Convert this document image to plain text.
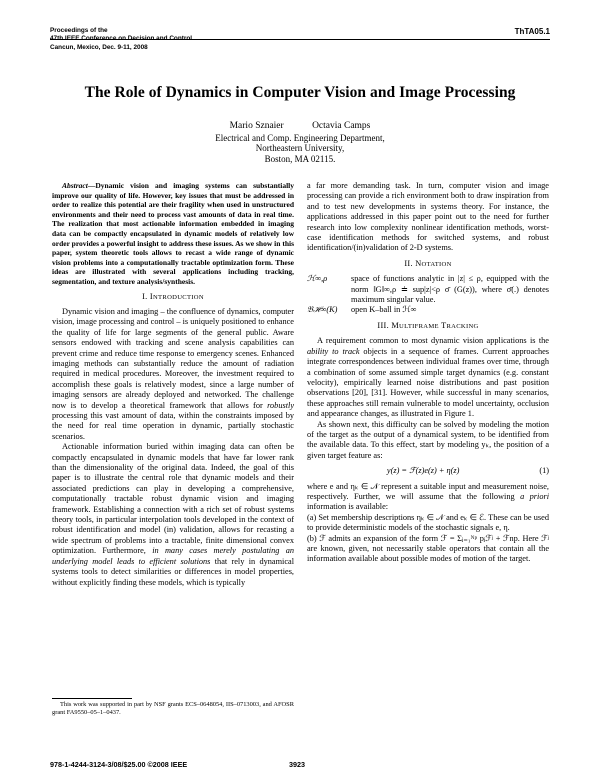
Proceedings of the
47th IEEE Conference on Decision and Control
Cancun, Mexico, Dec. 9-11, 2008
ThTA05.1
The Role of Dynamics in Computer Vision and Image Processing
Mario Sznaier	Octavia Camps
Electrical and Comp. Engineering Department,
Northeastern University,
Boston, MA 02115.

Abstract—Dynamic vision and imaging systems can substantially improve our quality of life. However, key issues that must be addressed in order to realize this potential are their fragility when used in unstructured environments and their need to process vast amounts of data in real time. The realization that most actionable information embedded in imaging data can be compactly encapsulated in dynamic models of relatively low order provides a powerful insight to address these issues. As we show in this paper, system theoretic tools allows to recast a wide range of dynamic vision problems into a computationally tractable optimization form. These ideas are illustrated with several applications including tracking, segmentation, and texture analysis/synthesis.

I. INTRODUCTION

Dynamic vision and imaging – the confluence of dynamics, computer vision, image processing and control – is uniquely positioned to enhance the quality of life for large segments of the general public. Aware sensors endowed with tracking and scene analysis capabilities can prevent crime and reduce time response to emergency scenes. Enhanced imaging methods can substantially reduce the amount of radiation required in medical procedures. Moreover, the investment required to accomplish these goals is relatively modest, since a large number of imaging sensors are already deployed and networked. The challenge now is to develop a theoretical framework that allows for robustly processing this vast amount of data, within the constraints imposed by the need for real time operation in dynamic, partially stochastic scenarios.

Actionable information buried within imaging data can often be compactly encapsulated in dynamic models that have far lower rank than the dimensionality of the original data. Indeed, the goal of this paper is to illustrate the central role that dynamic models and their associated predictions can play in developing a comprehensive, computationally tractable robust dynamic vision and imaging framework. Establishing a connection with a rich set of robust systems theory tools, in particular interpolation tools developed in the context of robust identification and model (in) validation, allows for recasting a wide spectrum of problems into a tractable, finite dimensional convex optimization. Furthermore, in many cases merely postulating an underlying model leads to efficient solutions that rely in dynamical systems tools to detect similarities or differences in model properties, without explicitly finding these models, which is typically

This work was supported in part by NSF grants ECS–0648054, IIS–0713003, and AFOSR grant FA9550–05–1–0437.

a far more demanding task. In turn, computer vision and image processing can provide a rich environment both to draw inspiration from and to test new developments in systems theory. For instance, the applications addressed in this paper point out to the need for further research into low complexity nonlinear identification methods, worst-case identification methods for switched systems, and robust identification/(in)validation of 2-D systems.

II. NOTATION
ℋ∞,ρ	space of functions analytic in |z| ≤ ρ, equipped with the norm ‖G‖∞,ρ ≐ sup|z|<ρ σ̄ (G(z)), where σ̄(.) denotes maximum singular value.
𝔅ℋ∞(K)	open K–ball in ℋ∞
III. MULTIFRAME TRACKING

A requirement common to most dynamic vision applications is the ability to track objects in a sequence of frames. Current approaches integrate correspondences between individual frames over time, through a combination of some assumed simple target dynamics (e.g. constant velocity), empirically learned noise distributions and past position observations [20], [31]. However, while successful in many scenarios, these approaches still remain vulnerable to model uncertainty, occlusion and appearance changes, as illustrated in Figure 1.

As shown next, this difficulty can be solved by modeling the motion of the target as the output of a dynamical system, to be identified from the available data. To this effect, start by modeling yₖ, the position of a given target feature as:

y(z) = ℱ(z)e(z) + η(z)	(1)

where e and ηₖ ∈ 𝒩 represent a suitable input and measurement noise, respectively. Further, we will assume that the following a priori information is available:

(a) Set membership descriptions ηₖ ∈ 𝒩 and eₖ ∈ ℰ. These can be used to provide deterministic models of the stochastic signals e, η.

(b) ℱ admits an expansion of the form ℱ = Σⱼ₌₁ᴺᵖ pⱼℱʲ + ℱnp. Here ℱʲ are known, given, not necessarily stable operators that contain all the information available about possible modes of motion of the target.

978-1-4244-3124-3/08/$25.00 ©2008 IEEE	3923
